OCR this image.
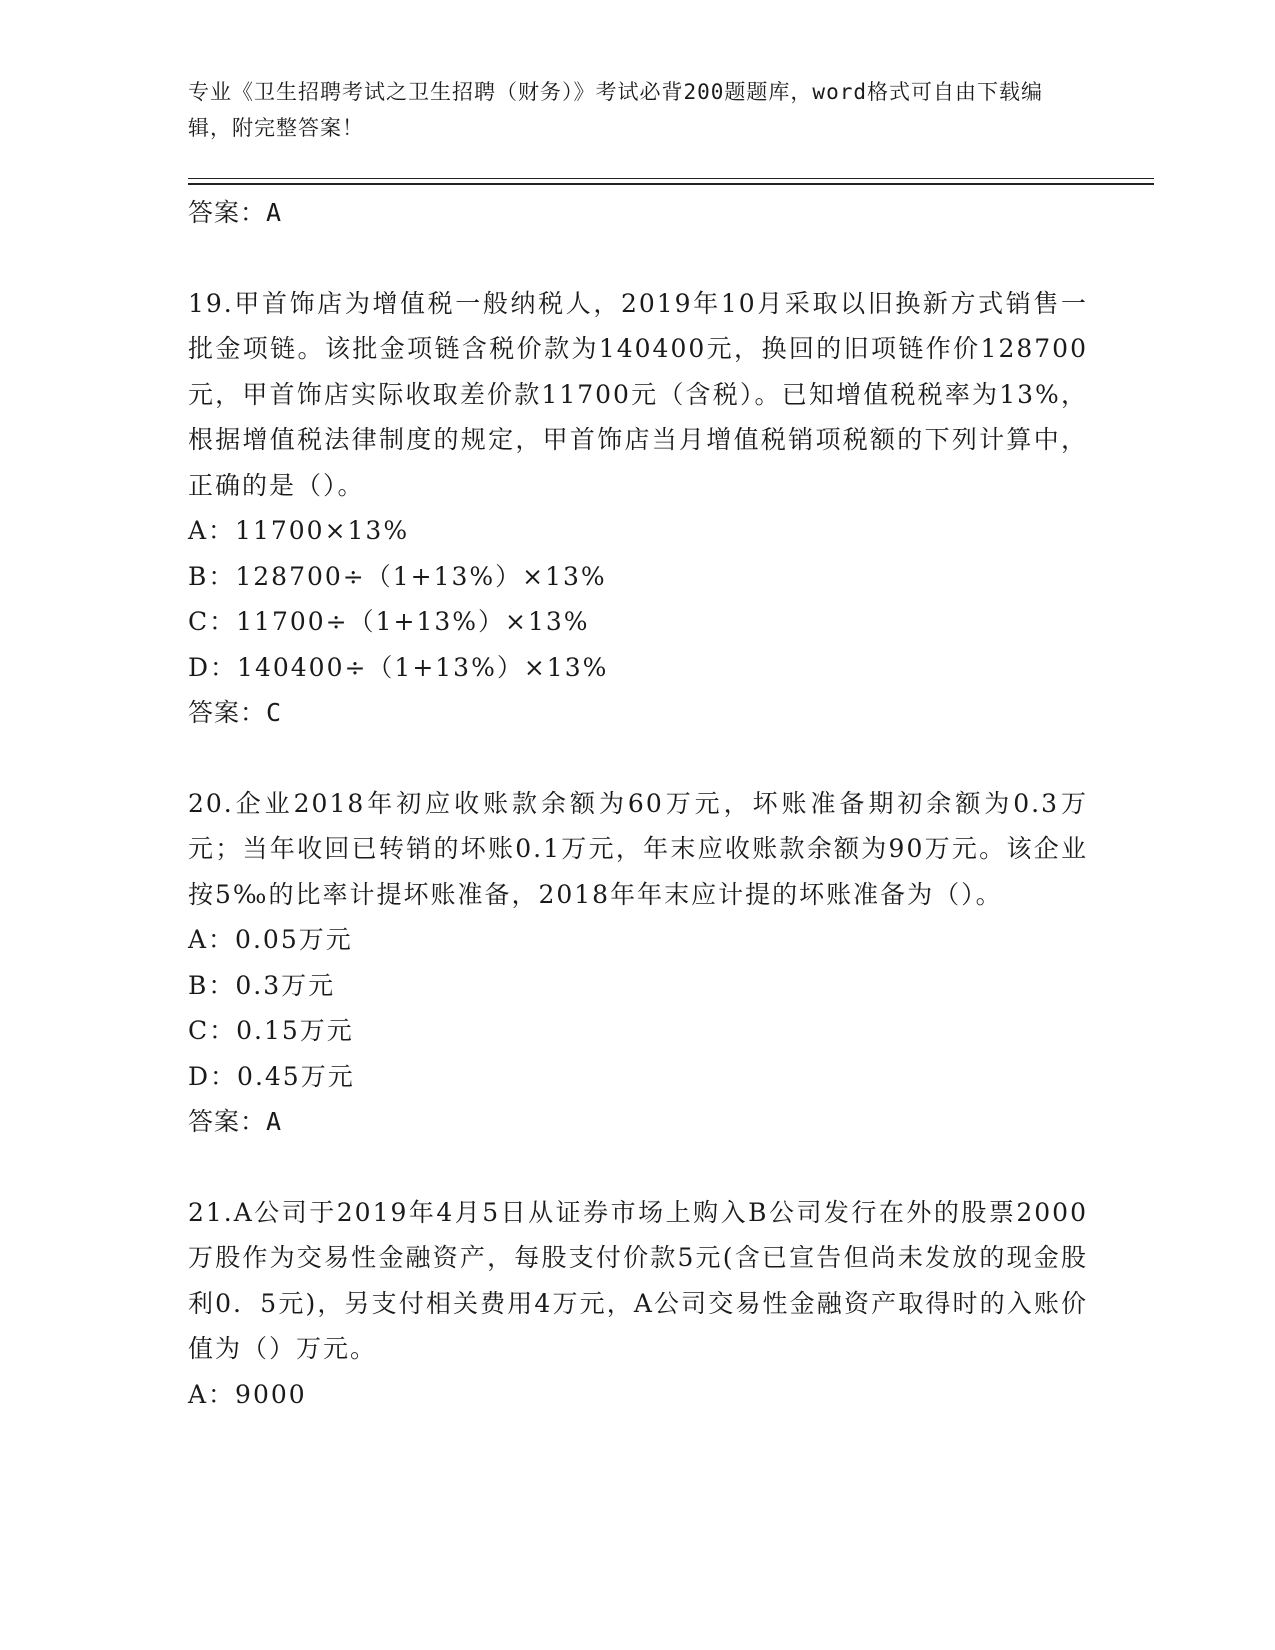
专业《卫生招聘考试之卫生招聘（财务）》考试必背200题题库，word格式可自由下载编辑，附完整答案！
答案：A

19.甲首饰店为增值税一般纳税人，2019年10月采取以旧换新方式销售一批金项链。该批金项链含税价款为140400元，换回的旧项链作价128700元，甲首饰店实际收取差价款11700元（含税）。已知增值税税率为13%，根据增值税法律制度的规定，甲首饰店当月增值税销项税额的下列计算中，正确的是（）。

A：11700×13%
B：128700÷（1+13%）×13%
C：11700÷（1+13%）×13%
D：140400÷（1+13%）×13%
答案：C

20.企业2018年初应收账款余额为60万元，坏账准备期初余额为0.3万元；当年收回已转销的坏账0.1万元，年末应收账款余额为90万元。该企业按5‰的比率计提坏账准备，2018年年末应计提的坏账准备为（）。

A：0.05万元
B：0.3万元
C：0.15万元
D：0.45万元
答案：A

21.A公司于2019年4月5日从证券市场上购入B公司发行在外的股票2000万股作为交易性金融资产，每股支付价款5元(含已宣告但尚未发放的现金股利0．5元)，另支付相关费用4万元，A公司交易性金融资产取得时的入账价值为（）万元。

A：9000
